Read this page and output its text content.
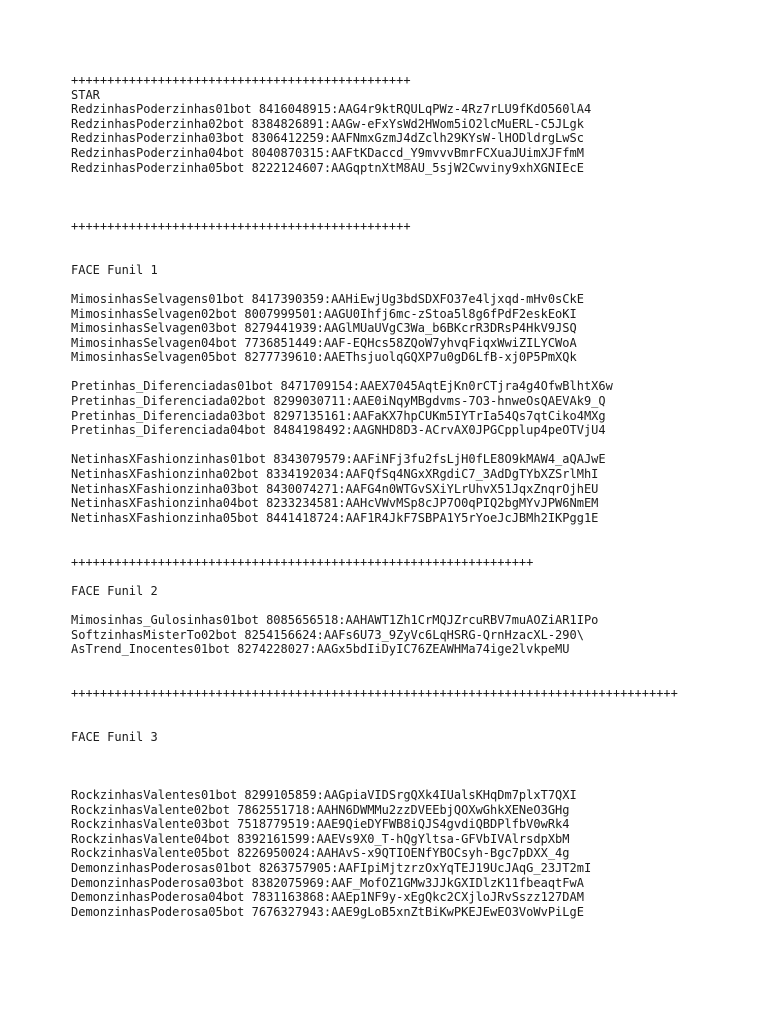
+++++++++++++++++++++++++++++++++++++++++++++++
STAR
RedzinhasPoderzinhas01bot 8416048915:AAG4r9ktRQULqPWz-4Rz7rLU9fKdO560lA4
RedzinhasPoderzinha02bot 8384826891:AAGw-eFxYsWd2HWom5iO2lcMuERL-C5JLgk
RedzinhasPoderzinha03bot 8306412259:AAFNmxGzmJ4dZclh29KYsW-lHODldrgLwSc
RedzinhasPoderzinha04bot 8040870315:AAFtKDaccd_Y9mvvvBmrFCXuaJUimXJFfmM
RedzinhasPoderzinha05bot 8222124607:AAGqptnXtM8AU_5sjW2Cwviny9xhXGNIEcE
+++++++++++++++++++++++++++++++++++++++++++++++
FACE Funil 1
MimosinhasSelvagens01bot 8417390359:AAHiEwjUg3bdSDXFO37e4ljxqd-mHv0sCkE
MimosinhasSelvagen02bot 8007999501:AAGU0Ihfj6mc-zStoa5l8g6fPdF2eskEoKI
MimosinhasSelvagen03bot 8279441939:AAGlMUaUVgC3Wa_b6BKcrR3DRsP4HkV9JSQ
MimosinhasSelvagen04bot 7736851449:AAF-EQHcs58ZQoW7yhvqFiqxWwiZILYCWoA
MimosinhasSelvagen05bot 8277739610:AAEThsjuolqGQXP7u0gD6LfB-xj0P5PmXQk
Pretinhas_Diferenciadas01bot 8471709154:AAEX7045AqtEjKn0rCTjra4g4OfwBlhtX6w
Pretinhas_Diferenciada02bot 8299030711:AAE0iNqyMBgdvms-7O3-hnweOsQAEVAk9_Q
Pretinhas_Diferenciada03bot 8297135161:AAFaKX7hpCUKm5IYTrIa54Qs7qtCiko4MXg
Pretinhas_Diferenciada04bot 8484198492:AAGNHD8D3-ACrvAX0JPGCpplup4peOTVjU4
NetinhasXFashionzinhas01bot 8343079579:AAFiNFj3fu2fsLjH0fLE8O9kMAW4_aQAJwE
NetinhasXFashionzinha02bot 8334192034:AAFQfSq4NGxXRgdiC7_3AdDgTYbXZSrlMhI
NetinhasXFashionzinha03bot 8430074271:AAFG4n0WTGvSXiYLrUhvX51JqxZnqrOjhEU
NetinhasXFashionzinha04bot 8233234581:AAHcVWvMSp8cJP7O0qPIQ2bgMYvJPW6NmEM
NetinhasXFashionzinha05bot 8441418724:AAF1R4JkF7SBPA1Y5rYoeJcJBMh2IKPgg1E
++++++++++++++++++++++++++++++++++++++++++++++++++++++++++++++++
FACE Funil 2
Mimosinhas_Gulosinhas01bot 8085656518:AAHAWT1Zh1CrMQJZrcuRBV7muAOZiAR1IPo
SoftzinhasMisterTo02bot 8254156624:AAFs6U73_9ZyVc6LqHSRG-QrnHzacXL-290\
AsTrend_Inocentes01bot 8274228027:AAGx5bdIiDyIC76ZEAWHMa74ige2lvkpeMU
++++++++++++++++++++++++++++++++++++++++++++++++++++++++++++++++++++++++++++++++++++
FACE Funil 3
RockzinhasValentes01bot 8299105859:AAGpiaVIDSrgQXk4IUalsKHqDm7plxT7QXI
RockzinhasValente02bot 7862551718:AAHN6DWMMu2zzDVEEbjQOXwGhkXENeO3GHg
RockzinhasValente03bot 7518779519:AAE9QieDYFWB8iQJS4gvdiQBDPlfbV0wRk4
RockzinhasValente04bot 8392161599:AAEVs9X0_T-hQgYltsa-GFVbIVAlrsdpXbM
RockzinhasValente05bot 8226950024:AAHAvS-x9QTIOENfYBOCsyh-Bgc7pDXX_4g
DemonzinhasPoderosas01bot 8263757905:AAFIpiMjtzrzOxYqTEJ19UcJAqG_23JT2mI
DemonzinhasPoderosa03bot 8382075969:AAF_MofOZ1GMw3JJkGXIDlzK11fbeaqtFwA
DemonzinhasPoderosa04bot 7831163868:AAEp1NF9y-xEgQkc2CXjloJRvSszz127DAM
DemonzinhasPoderosa05bot 7676327943:AAE9gLoB5xnZtBiKwPKEJEwEO3VoWvPiLgE
